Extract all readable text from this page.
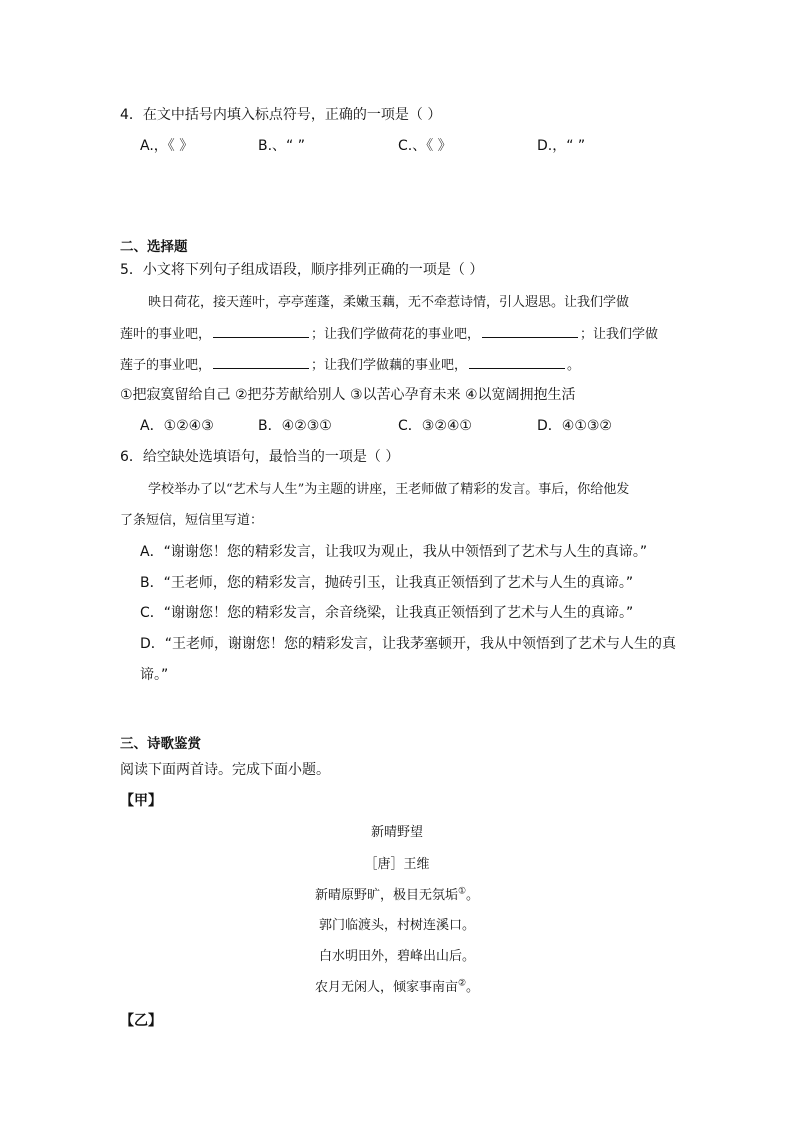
4．在文中括号内填入标点符号，正确的一项是（ ）
A.，《 》	B.、“ ”	C.、《 》	D.，“ ”
二、选择题
5．小文将下列句子组成语段，顺序排列正确的一项是（ ）
映日荷花，接天莲叶，亭亭莲蓬，柔嫩玉藕，无不牵惹诗情，引人遐思。让我们学做
莲叶的事业吧，	；让我们学做荷花的事业吧，	；让我们学做
莲子的事业吧，	；让我们学做藕的事业吧，	。
①把寂寞留给自己 ②把芬芳献给别人 ③以苦心孕育未来 ④以宽阔拥抱生活
A．①②④③	B．④②③①	C．③②④①	D．④①③②
6．给空缺处选填语句，最恰当的一项是（ ）
学校举办了以“艺术与人生”为主题的讲座，王老师做了精彩的发言。事后，你给他发
了条短信，短信里写道：
A．“谢谢您！您的精彩发言，让我叹为观止，我从中领悟到了艺术与人生的真谛。”
B．“王老师，您的精彩发言，抛砖引玉，让我真正领悟到了艺术与人生的真谛。”
C．“谢谢您！您的精彩发言，余音绕梁，让我真正领悟到了艺术与人生的真谛。”
D．“王老师，谢谢您！您的精彩发言，让我茅塞顿开，我从中领悟到了艺术与人生的真
谛。”
三、诗歌鉴赏
阅读下面两首诗。完成下面小题。
【甲】
新晴野望
［唐］王维
新晴原野旷，极目无氛垢①。
郭门临渡头，村树连溪口。
白水明田外，碧峰出山后。
农月无闲人，倾家事南亩②。
【乙】
